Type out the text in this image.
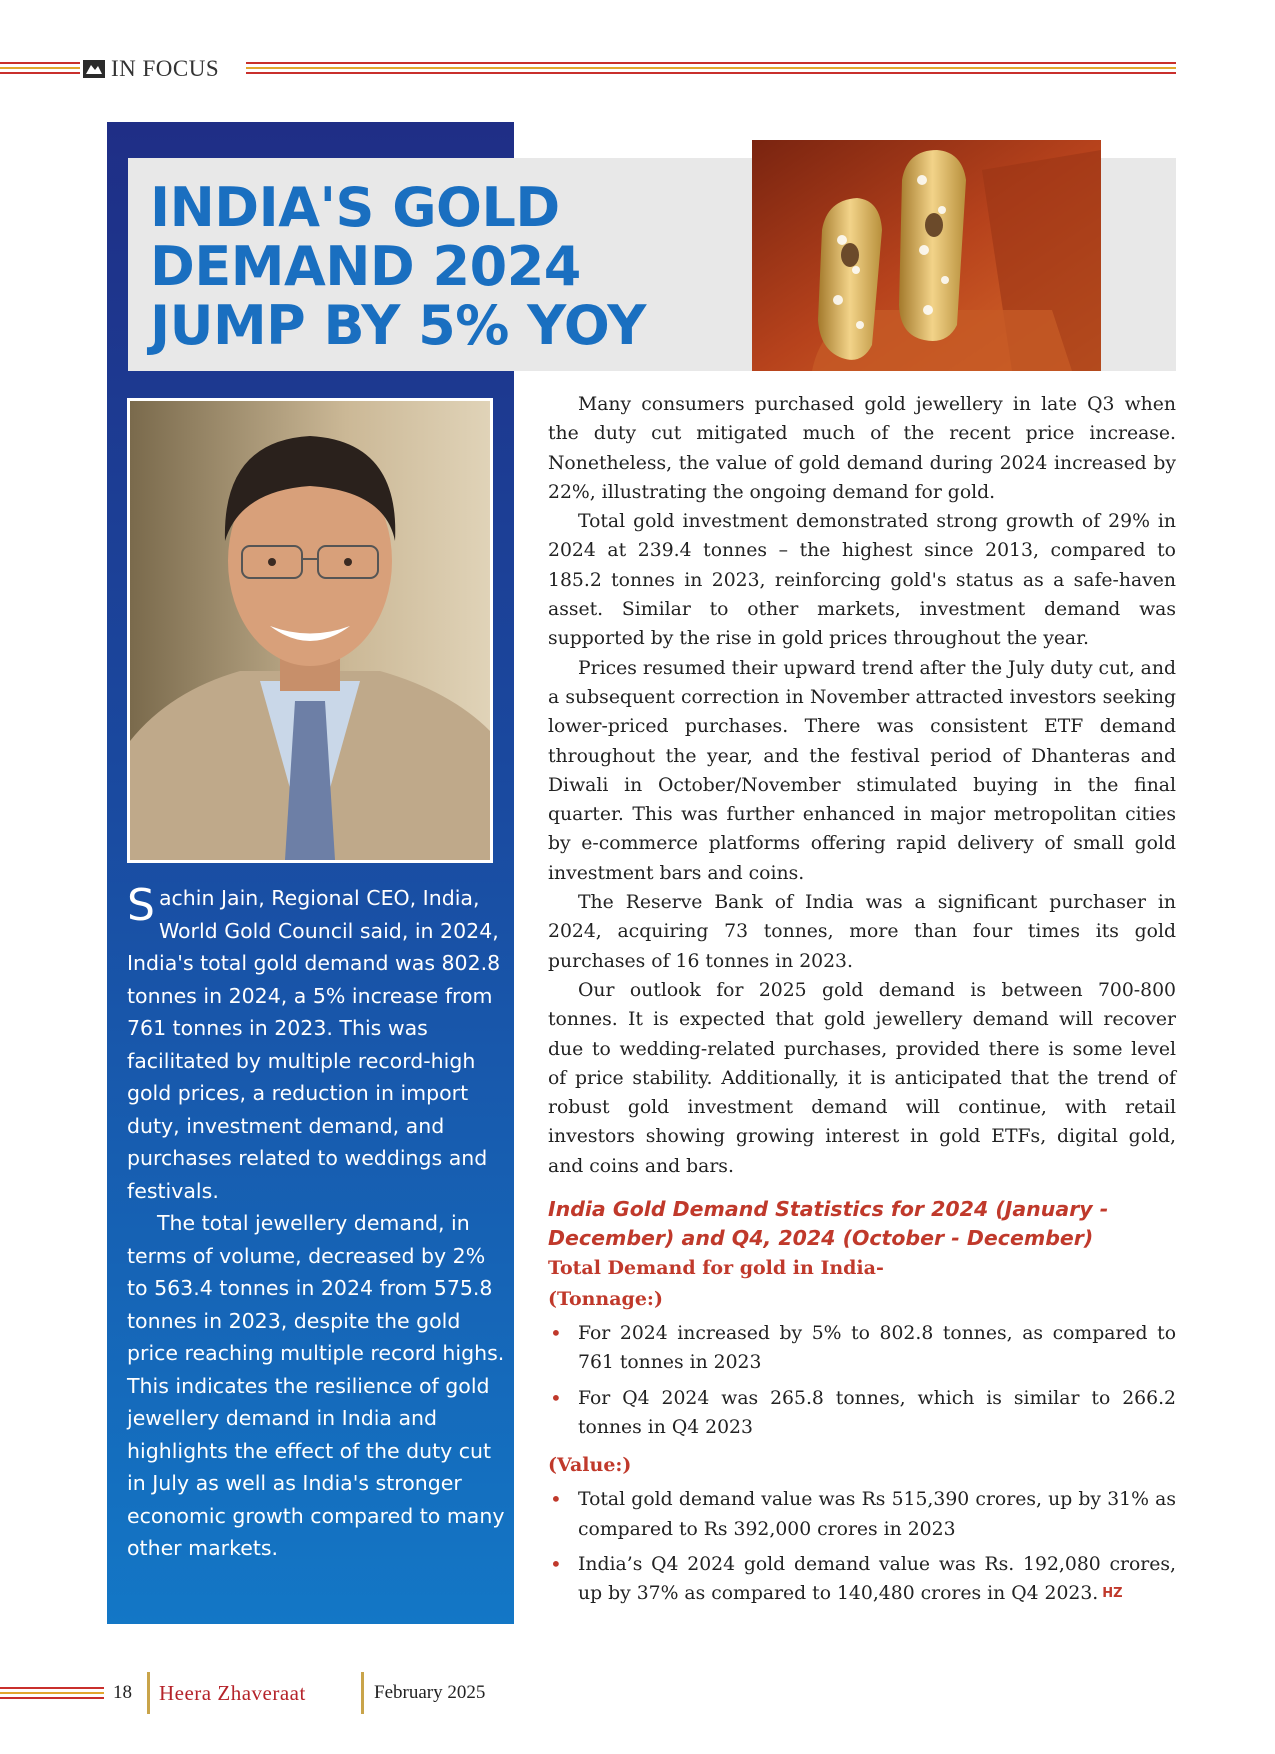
IN FOCUS
INDIA'S GOLD
DEMAND 2024
JUMP BY 5% YOY

Sachin Jain, Regional CEO, India, World Gold Council said, in 2024, India's total gold demand was 802.8 tonnes in 2024, a 5% increase from 761 tonnes in 2023. This was facilitated by multiple record-high gold prices, a reduction in import duty, investment demand, and purchases related to weddings and festivals.

The total jewellery demand, in terms of volume, decreased by 2% to 563.4 tonnes in 2024 from 575.8 tonnes in 2023, despite the gold price reaching multiple record highs. This indicates the resilience of gold jewellery demand in India and highlights the effect of the duty cut in July as well as India's stronger economic growth compared to many other markets.

Many consumers purchased gold jewellery in late Q3 when the duty cut mitigated much of the recent price increase. Nonetheless, the value of gold demand during 2024 increased by 22%, illustrating the ongoing demand for gold.

Total gold investment demonstrated strong growth of 29% in 2024 at 239.4 tonnes – the highest since 2013, compared to 185.2 tonnes in 2023, reinforcing gold's status as a safe-haven asset. Similar to other markets, investment demand was supported by the rise in gold prices throughout the year.

Prices resumed their upward trend after the July duty cut, and a subsequent correction in November attracted investors seeking lower-priced purchases. There was consistent ETF demand throughout the year, and the festival period of Dhanteras and Diwali in October/November stimulated buying in the final quarter. This was further enhanced in major metropolitan cities by e-commerce platforms offering rapid delivery of small gold investment bars and coins.

The Reserve Bank of India was a significant purchaser in 2024, acquiring 73 tonnes, more than four times its gold purchases of 16 tonnes in 2023.

Our outlook for 2025 gold demand is between 700-800 tonnes. It is expected that gold jewellery demand will recover due to wedding-related purchases, provided there is some level of price stability. Additionally, it is anticipated that the trend of robust gold investment demand will continue, with retail investors showing growing interest in gold ETFs, digital gold, and coins and bars.

India Gold Demand Statistics for 2024 (January - December) and Q4, 2024 (October - December)

Total Demand for gold in India-

(Tonnage:)

• For 2024 increased by 5% to 802.8 tonnes, as compared to 761 tonnes in 2023
• For Q4 2024 was 265.8 tonnes, which is similar to 266.2 tonnes in Q4 2023

(Value:)

• Total gold demand value was Rs 515,390 crores, up by 31% as compared to Rs 392,000 crores in 2023
• India’s Q4 2024 gold demand value was Rs. 192,080 crores, up by 37% as compared to 140,480 crores in Q4 2023. HZ
18 Heera Zhaveraat	February 2025
